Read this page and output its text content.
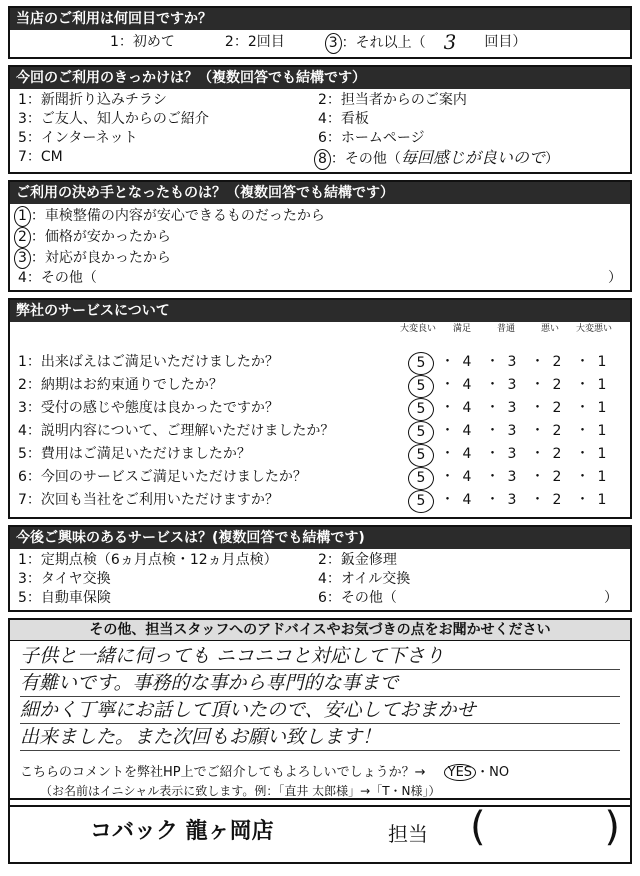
当店のご利用は何回目ですか？
1：初めて	2：2回目	3 ：それ以上（ 3 回目）
今回のご利用のきっかけは？（複数回答でも結構です）
1：新聞折り込みチラシ	2：担当者からのご案内
3：ご友人、知人からのご紹介	4：看板
5：インターネット	6：ホームページ
7：CM	8 ：その他（毎回感じが良いので）
ご利用の決め手となったものは？（複数回答でも結構です）
1 ：車検整備の内容が安心できるものだったから
2 ：価格が安かったから
3 ：対応が良かったから
4：その他（	）
弊社のサービスについて
大変良い	満足	普通	悪い	大変悪い
1：出来ばえはご満足いただけましたか？	5	・ 4	・ 3	・ 2	・ 1
2：納期はお約束通りでしたか？	5	・ 4	・ 3	・ 2	・ 1
3：受付の感じや態度は良かったですか？	5	・ 4	・ 3	・ 2	・ 1
4：説明内容について、ご理解いただけましたか？	5	・ 4	・ 3	・ 2	・ 1
5：費用はご満足いただけましたか？	5	・ 4	・ 3	・ 2	・ 1
6：今回のサービスご満足いただけましたか？	5	・ 4	・ 3	・ 2	・ 1
7：次回も当社をご利用いただけますか？	5	・ 4	・ 3	・ 2	・ 1
今後ご興味のあるサービスは？(複数回答でも結構です)
1：定期点検（6ヵ月点検・12ヵ月点検）	2：鈑金修理
3：タイヤ交換	4：オイル交換
5：自動車保険	6：その他（	）
その他、担当スタッフへのアドバイスやお気づきの点をお聞かせください
子供と一緒に伺っても ニコニコと対応して下さり
有難いです。事務的な事から専門的な事まで
細かく丁寧にお話して頂いたので、安心しておまかせ
出来ました。また次回もお願い致します！
こちらのコメントを弊社HP上でご紹介してもよろしいでしょうか？→ YES ・NO
（お名前はイニシャル表示に致します。例：「直井 太郎様」→「T・N様」）
コバック 龍ヶ岡店	担当 (	)
